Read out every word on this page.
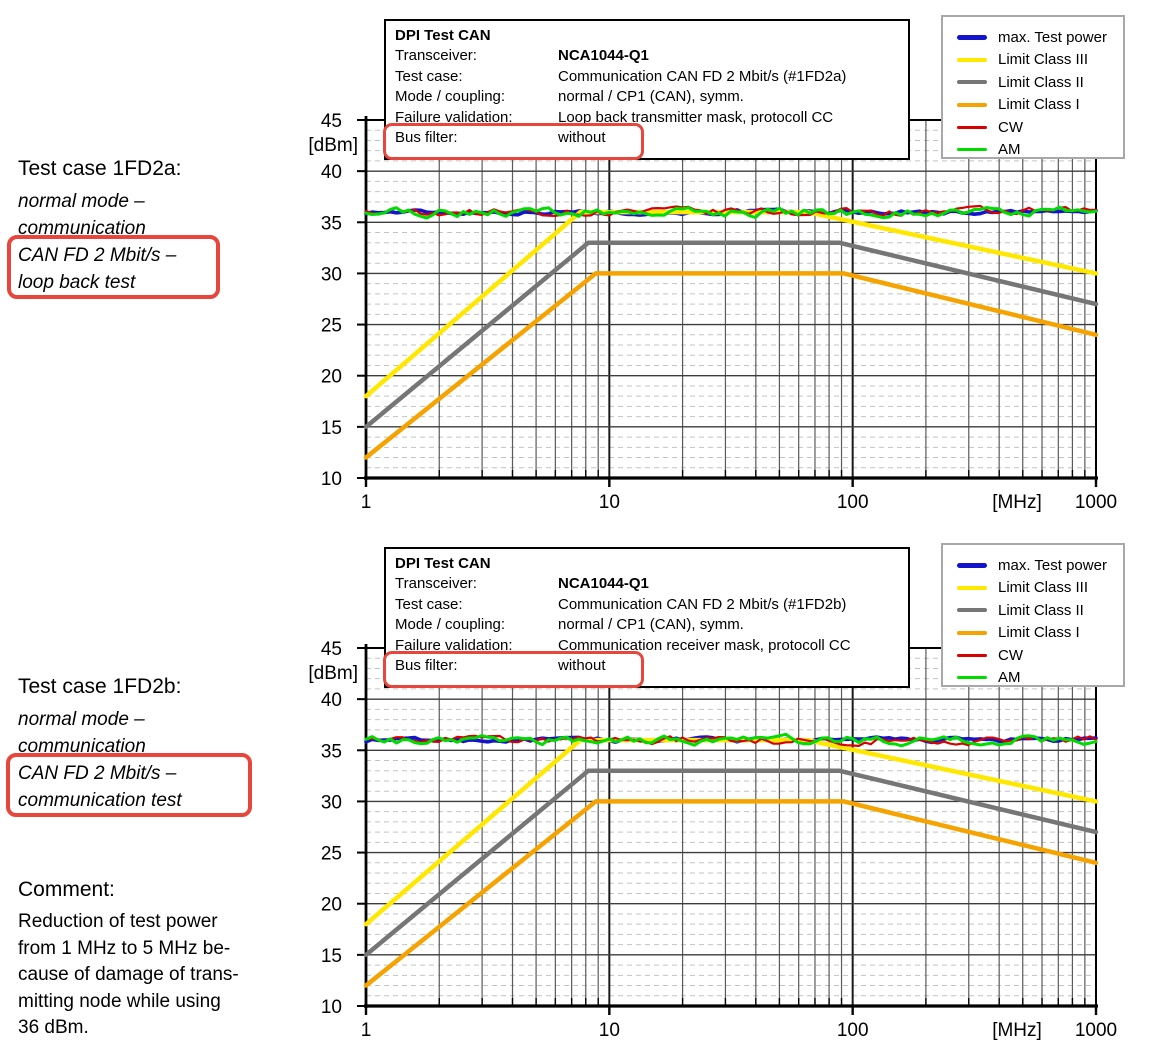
Test case 1FD2a:
normal mode –
communication
CAN FD 2 Mbit/s –
loop back test
Test case 1FD2b:
normal mode –
communication
CAN FD 2 Mbit/s –
communication test
Comment:
Reduction of test power
from 1 MHz to 5 MHz be-
cause of damage of trans-
mitting node while using
36 dBm.
10
15
20
25
30
35
40
45
[dBm]
1	10	100	1000
[MHz]
DPI Test CAN
Transceiver:	NCA1044-Q1
Test case:	Communication CAN FD 2 Mbit/s (#1FD2a)
Mode / coupling:	normal / CP1 (CAN), symm.
Failure validation:	Loop back transmitter mask, protocoll CC
Bus filter:	without
max. Test power
Limit Class III
Limit Class II
Limit Class I
CW
AM
10
15
20
25
30
35
40
45
[dBm]
1	10	100	1000
[MHz]
DPI Test CAN
Transceiver:	NCA1044-Q1
Test case:	Communication CAN FD 2 Mbit/s (#1FD2b)
Mode / coupling:	normal / CP1 (CAN), symm.
Failure validation:	Communication receiver mask, protocoll CC
Bus filter:	without
max. Test power
Limit Class III
Limit Class II
Limit Class I
CW
AM
